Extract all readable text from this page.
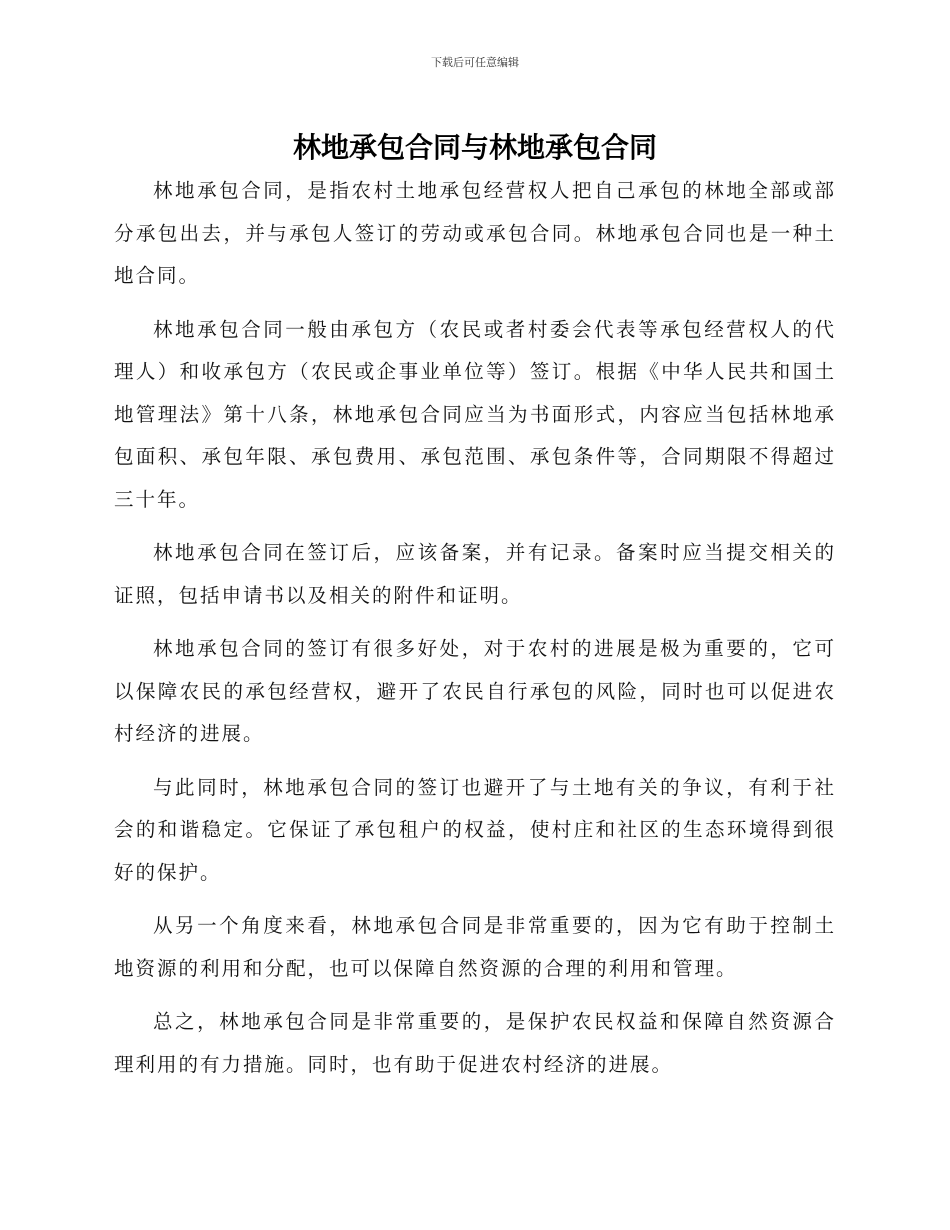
下载后可任意编辑
林地承包合同与林地承包合同

林地承包合同，是指农村土地承包经营权人把自己承包的林地全部或部分承包出去，并与承包人签订的劳动或承包合同。林地承包合同也是一种土地合同。

林地承包合同一般由承包方（农民或者村委会代表等承包经营权人的代理人）和收承包方（农民或企事业单位等）签订。根据《中华人民共和国土地管理法》第十八条，林地承包合同应当为书面形式，内容应当包括林地承包面积、承包年限、承包费用、承包范围、承包条件等，合同期限不得超过三十年。

林地承包合同在签订后，应该备案，并有记录。备案时应当提交相关的证照，包括申请书以及相关的附件和证明。

林地承包合同的签订有很多好处，对于农村的进展是极为重要的，它可以保障农民的承包经营权，避开了农民自行承包的风险，同时也可以促进农村经济的进展。

与此同时，林地承包合同的签订也避开了与土地有关的争议，有利于社会的和谐稳定。它保证了承包租户的权益，使村庄和社区的生态环境得到很好的保护。

从另一个角度来看，林地承包合同是非常重要的，因为它有助于控制土地资源的利用和分配，也可以保障自然资源的合理的利用和管理。

总之，林地承包合同是非常重要的，是保护农民权益和保障自然资源合理利用的有力措施。同时，也有助于促进农村经济的进展。
